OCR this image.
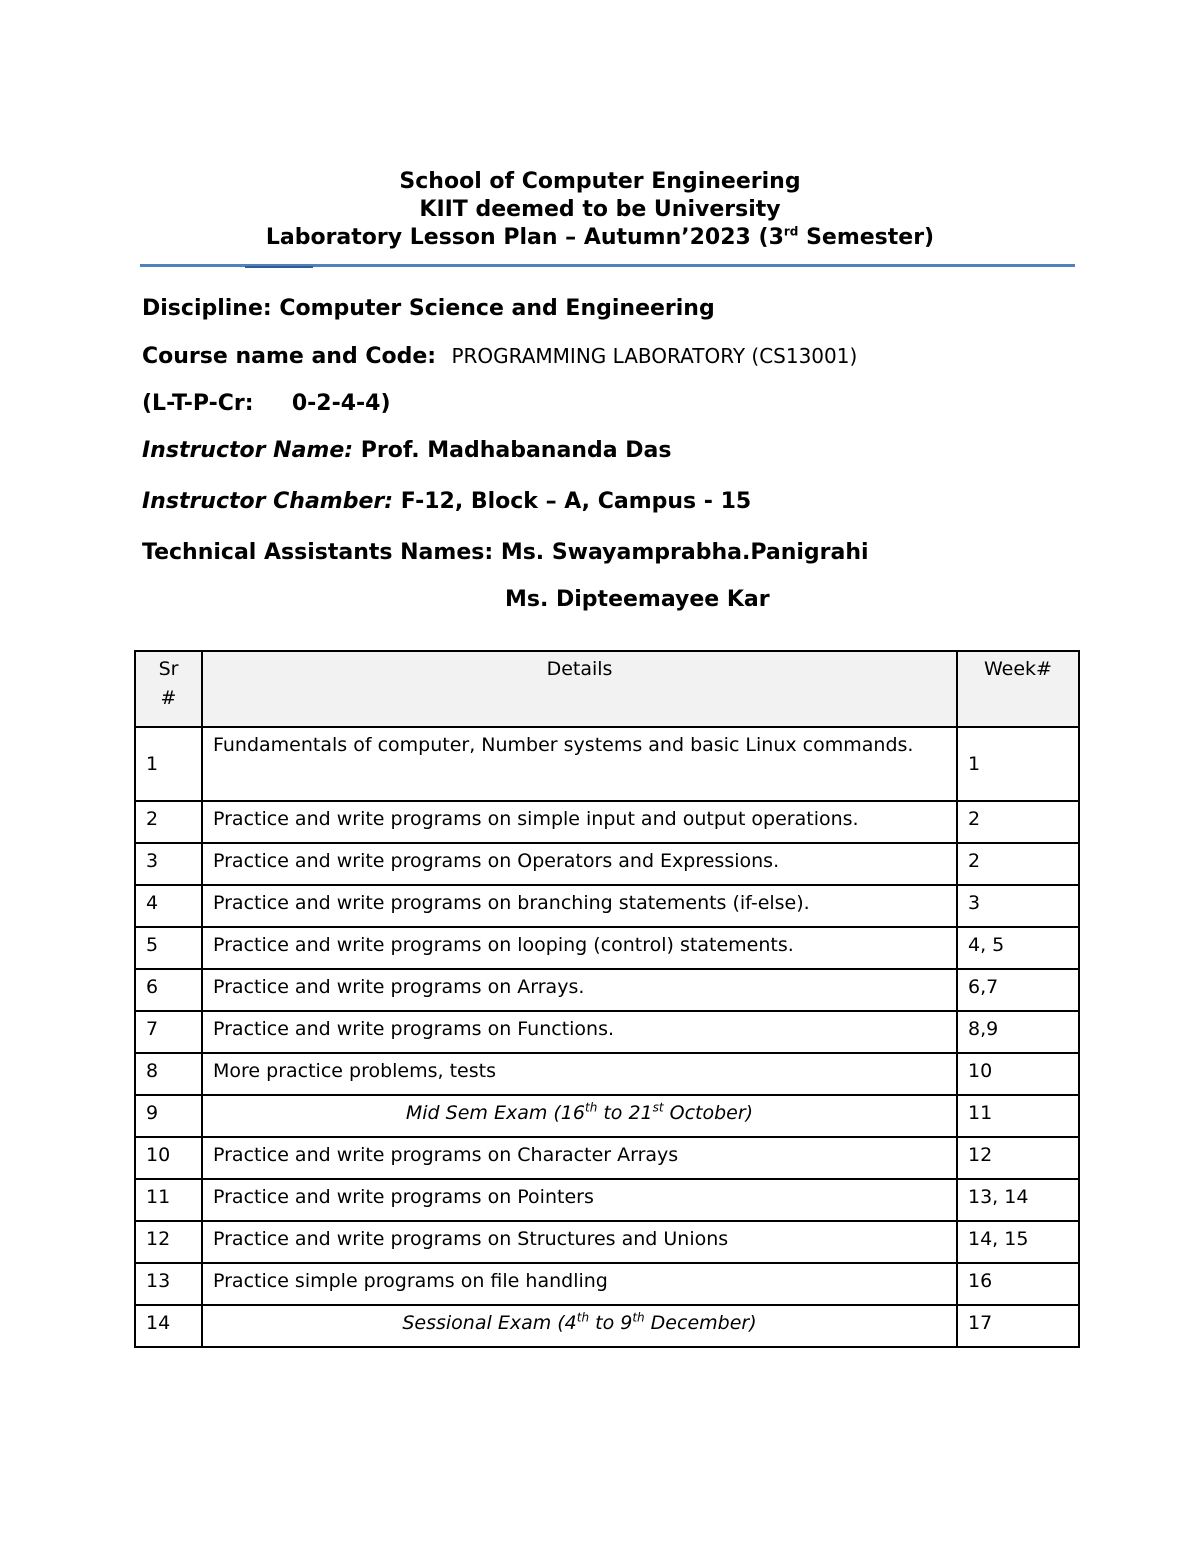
School of Computer Engineering
KIIT deemed to be University
Laboratory Lesson Plan – Autumn’2023 (3rd Semester)
Discipline: Computer Science and Engineering
Course name and Code: PROGRAMMING LABORATORY (CS13001)
(L-T-P-Cr: 0-2-4-4)
Instructor Name: Prof. Madhabananda Das
Instructor Chamber: F-12, Block – A, Campus - 15
Technical Assistants Names: Ms. Swayamprabha.Panigrahi
Ms. Dipteemayee Kar
Sr
#	Details	Week#
1	Fundamentals of computer, Number systems and basic Linux commands.	1
2	Practice and write programs on simple input and output operations.	2
3	Practice and write programs on Operators and Expressions.	2
4	Practice and write programs on branching statements (if-else).	3
5	Practice and write programs on looping (control) statements.	4, 5
6	Practice and write programs on Arrays.	6,7
7	Practice and write programs on Functions.	8,9
8	More practice problems, tests	10
9	Mid Sem Exam (16th to 21st October)	11
10	Practice and write programs on Character Arrays	12
11	Practice and write programs on Pointers	13, 14
12	Practice and write programs on Structures and Unions	14, 15
13	Practice simple programs on file handling	16
14	Sessional Exam (4th to 9th December)	17
